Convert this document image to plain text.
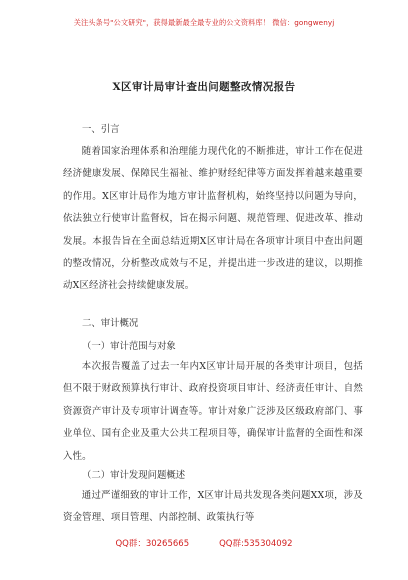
关注头条号"公文研究"，获得最新最全最专业的公文资料库！ 微信：gongwenyj
X区审计局审计查出问题整改情况报告
一、引言
随着国家治理体系和治理能力现代化的不断推进，审计工作在促进经济健康发展、保障民生福祉、维护财经纪律等方面发挥着越来越重要的作用。X区审计局作为地方审计监督机构，始终坚持以问题为导向，依法独立行使审计监督权，旨在揭示问题、规范管理、促进改革、推动发展。本报告旨在全面总结近期X区审计局在各项审计项目中查出问题的整改情况，分析整改成效与不足，并提出进一步改进的建议，以期推动X区经济社会持续健康发展。
二、审计概况
（一）审计范围与对象
本次报告覆盖了过去一年内X区审计局开展的各类审计项目，包括但不限于财政预算执行审计、政府投资项目审计、经济责任审计、自然资源资产审计及专项审计调查等。审计对象广泛涉及区级政府部门、事业单位、国有企业及重大公共工程项目等，确保审计监督的全面性和深入性。
（二）审计发现问题概述
通过严谨细致的审计工作，X区审计局共发现各类问题XX项，涉及资金管理、项目管理、内部控制、政策执行等
QQ群：30265665	QQ群:535304092
